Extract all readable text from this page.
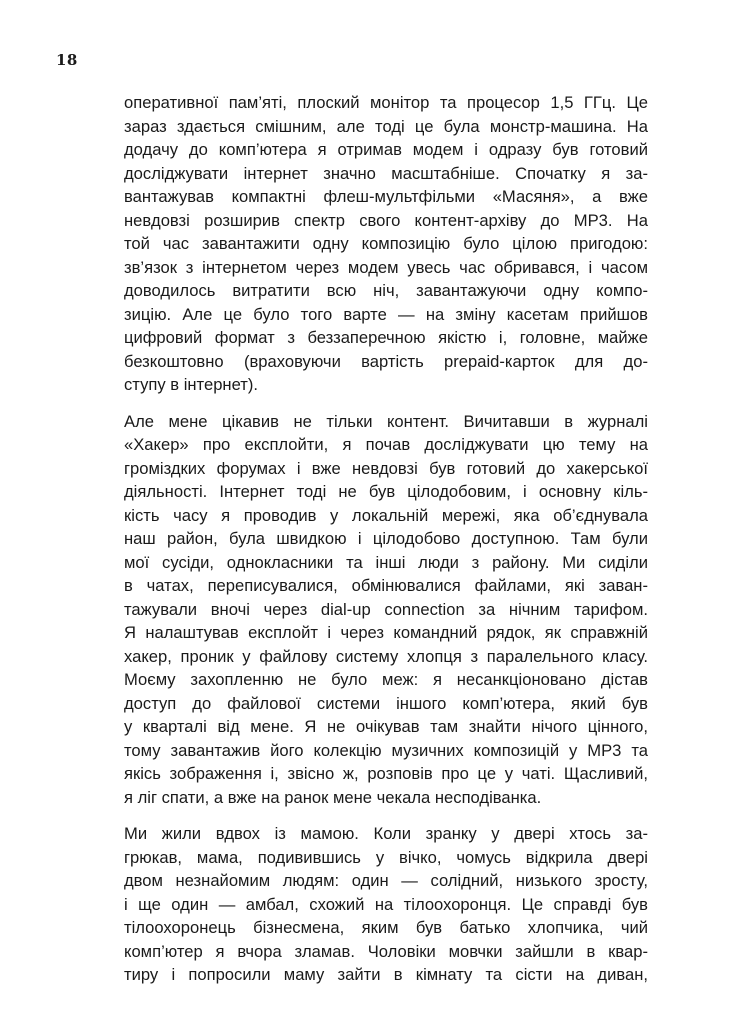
18
оперативної пам’яті, плоский монітор та процесор 1,5 ГГц. Це
зараз здається смішним, але тоді це була монстр-машина. На
додачу до комп’ютера я отримав модем і одразу був готовий
досліджувати інтернет значно масштабніше. Спочатку я за-
вантажував компактні флеш-мультфільми «Масяня», а вже
невдовзі розширив спектр свого контент-архіву до MP3. На
той час завантажити одну композицію було цілою пригодою:
зв’язок з інтернетом через модем увесь час обривався, і часом
доводилось витратити всю ніч, завантажуючи одну компо-
зицію. Але це було того варте — на зміну касетам прийшов
цифровий формат з беззаперечною якістю і, головне, майже
безкоштовно (враховуючи вартість prepaid-карток для до-
ступу в інтернет).
Але мене цікавив не тільки контент. Вичитавши в журналі
«Хакер» про експлойти, я почав досліджувати цю тему на
громіздких форумах і вже невдовзі був готовий до хакерської
діяльності. Інтернет тоді не був цілодобовим, і основну кіль-
кість часу я проводив у локальній мережі, яка об’єднувала
наш район, була швидкою і цілодобово доступною. Там були
мої сусіди, однокласники та інші люди з району. Ми сиділи
в чатах, переписувалися, обмінювалися файлами, які заван-
тажували вночі через dial-up connection за нічним тарифом.
Я налаштував експлойт і через командний рядок, як справжній
хакер, проник у файлову систему хлопця з паралельного класу.
Моєму захопленню не було меж: я несанкціоновано дістав
доступ до файлової системи іншого комп’ютера, який був
у кварталі від мене. Я не очікував там знайти нічого цінного,
тому завантажив його колекцію музичних композицій у MP3 та
якісь зображення і, звісно ж, розповів про це у чаті. Щасливий,
я ліг спати, а вже на ранок мене чекала несподіванка.
Ми жили вдвох із мамою. Коли зранку у двері хтось за-
грюкав, мама, подивившись у вічко, чомусь відкрила двері
двом незнайомим людям: один — солідний, низького зросту,
і ще один — амбал, схожий на тілоохоронця. Це справді був
тілоохоронець бізнесмена, яким був батько хлопчика, чий
комп’ютер я вчора зламав. Чоловіки мовчки зайшли в квар-
тиру і попросили маму зайти в кімнату та сісти на диван,
